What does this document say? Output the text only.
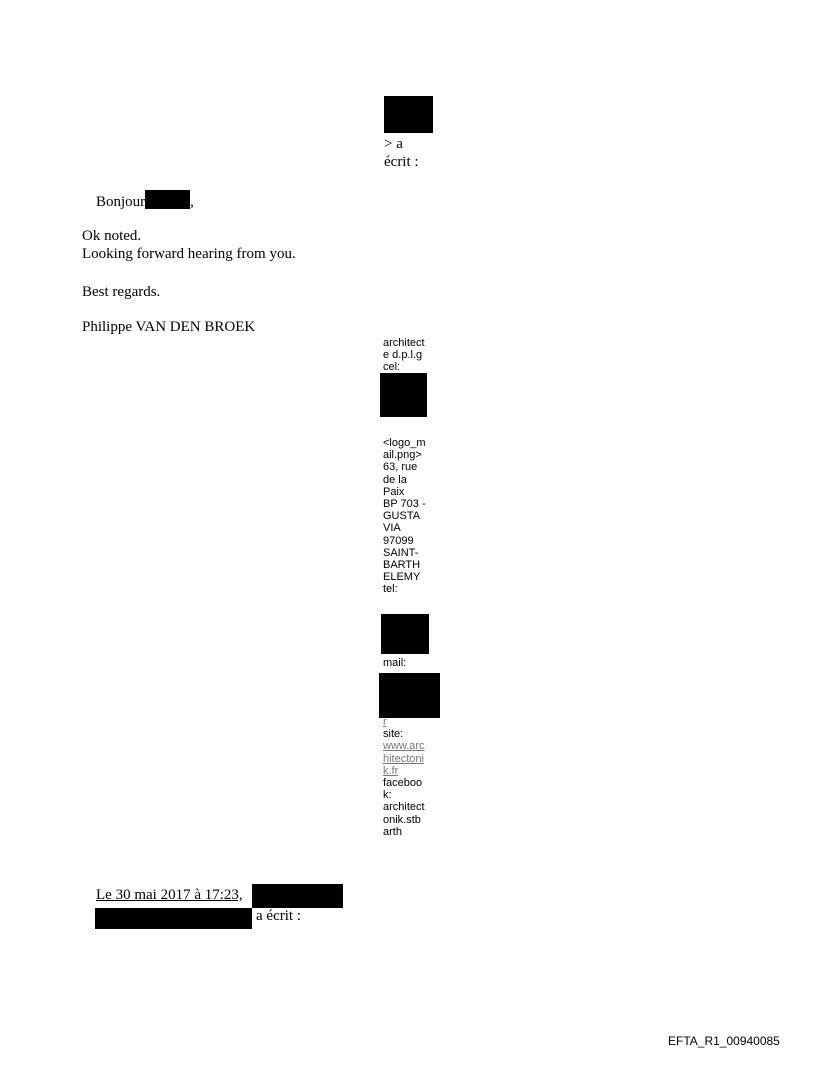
> a
écrit :
Bonjour	,
Ok noted.
Looking forward hearing from you.
Best regards.
Philippe VAN DEN BROEK
architect
e d.p.l.g
cel:
<logo_m
ail.png>
63, rue
de la
Paix
BP 703 -
GUSTA
VIA
97099
SAINT-
BARTH
ELEMY
tel:
mail:
r
site:
www.arc
hitectoni
k.fr
faceboo
k:
architect
onik.stb
arth
Le 30 mai 2017 à 17:23,
a écrit :
EFTA_R1_00940085
